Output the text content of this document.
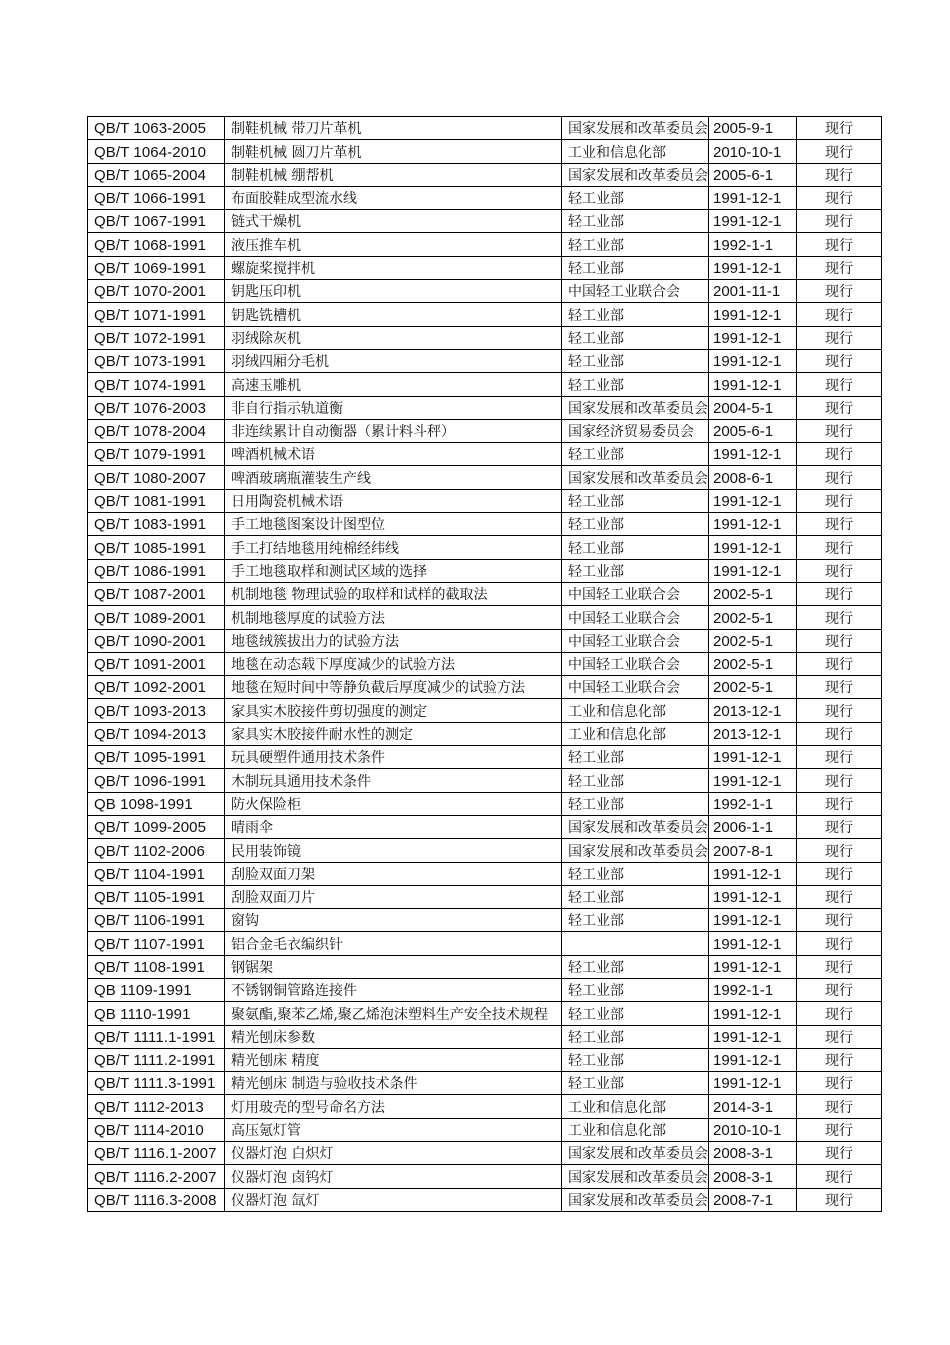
QB/T 1063-2005	制鞋机械 带刀片革机	国家发展和改革委员会	2005-9-1	现行
QB/T 1064-2010	制鞋机械 圆刀片革机	工业和信息化部	2010-10-1	现行
QB/T 1065-2004	制鞋机械 绷帮机	国家发展和改革委员会	2005-6-1	现行
QB/T 1066-1991	布面胶鞋成型流水线	轻工业部	1991-12-1	现行
QB/T 1067-1991	链式干燥机	轻工业部	1991-12-1	现行
QB/T 1068-1991	液压推车机	轻工业部	1992-1-1	现行
QB/T 1069-1991	螺旋桨搅拌机	轻工业部	1991-12-1	现行
QB/T 1070-2001	钥匙压印机	中国轻工业联合会	2001-11-1	现行
QB/T 1071-1991	钥匙铣槽机	轻工业部	1991-12-1	现行
QB/T 1072-1991	羽绒除灰机	轻工业部	1991-12-1	现行
QB/T 1073-1991	羽绒四厢分毛机	轻工业部	1991-12-1	现行
QB/T 1074-1991	高速玉雕机	轻工业部	1991-12-1	现行
QB/T 1076-2003	非自行指示轨道衡	国家发展和改革委员会	2004-5-1	现行
QB/T 1078-2004	非连续累计自动衡器（累计料斗秤）	国家经济贸易委员会	2005-6-1	现行
QB/T 1079-1991	啤酒机械术语	轻工业部	1991-12-1	现行
QB/T 1080-2007	啤酒玻璃瓶灌装生产线	国家发展和改革委员会	2008-6-1	现行
QB/T 1081-1991	日用陶瓷机械术语	轻工业部	1991-12-1	现行
QB/T 1083-1991	手工地毯图案设计图型位	轻工业部	1991-12-1	现行
QB/T 1085-1991	手工打结地毯用纯棉经纬线	轻工业部	1991-12-1	现行
QB/T 1086-1991	手工地毯取样和测试区域的选择	轻工业部	1991-12-1	现行
QB/T 1087-2001	机制地毯 物理试验的取样和试样的截取法	中国轻工业联合会	2002-5-1	现行
QB/T 1089-2001	机制地毯厚度的试验方法	中国轻工业联合会	2002-5-1	现行
QB/T 1090-2001	地毯绒簇拔出力的试验方法	中国轻工业联合会	2002-5-1	现行
QB/T 1091-2001	地毯在动态载下厚度减少的试验方法	中国轻工业联合会	2002-5-1	现行
QB/T 1092-2001	地毯在短时间中等静负截后厚度减少的试验方法	中国轻工业联合会	2002-5-1	现行
QB/T 1093-2013	家具实木胶接件剪切强度的测定	工业和信息化部	2013-12-1	现行
QB/T 1094-2013	家具实木胶接件耐水性的测定	工业和信息化部	2013-12-1	现行
QB/T 1095-1991	玩具硬塑件通用技术条件	轻工业部	1991-12-1	现行
QB/T 1096-1991	木制玩具通用技术条件	轻工业部	1991-12-1	现行
QB 1098-1991	防火保险柜	轻工业部	1992-1-1	现行
QB/T 1099-2005	晴雨伞	国家发展和改革委员会	2006-1-1	现行
QB/T 1102-2006	民用装饰镜	国家发展和改革委员会	2007-8-1	现行
QB/T 1104-1991	刮脸双面刀架	轻工业部	1991-12-1	现行
QB/T 1105-1991	刮脸双面刀片	轻工业部	1991-12-1	现行
QB/T 1106-1991	窗钩	轻工业部	1991-12-1	现行
QB/T 1107-1991	铝合金毛衣编织针		1991-12-1	现行
QB/T 1108-1991	钢锯架	轻工业部	1991-12-1	现行
QB 1109-1991	不锈钢铜管路连接件	轻工业部	1992-1-1	现行
QB 1110-1991	聚氨酯,聚苯乙烯,聚乙烯泡沫塑料生产安全技术规程	轻工业部	1991-12-1	现行
QB/T 1111.1-1991	精光刨床参数	轻工业部	1991-12-1	现行
QB/T 1111.2-1991	精光刨床 精度	轻工业部	1991-12-1	现行
QB/T 1111.3-1991	精光刨床 制造与验收技术条件	轻工业部	1991-12-1	现行
QB/T 1112-2013	灯用玻壳的型号命名方法	工业和信息化部	2014-3-1	现行
QB/T 1114-2010	高压氪灯管	工业和信息化部	2010-10-1	现行
QB/T 1116.1-2007	仪器灯泡 白炽灯	国家发展和改革委员会	2008-3-1	现行
QB/T 1116.2-2007	仪器灯泡 卤钨灯	国家发展和改革委员会	2008-3-1	现行
QB/T 1116.3-2008	仪器灯泡 氙灯	国家发展和改革委员会	2008-7-1	现行
